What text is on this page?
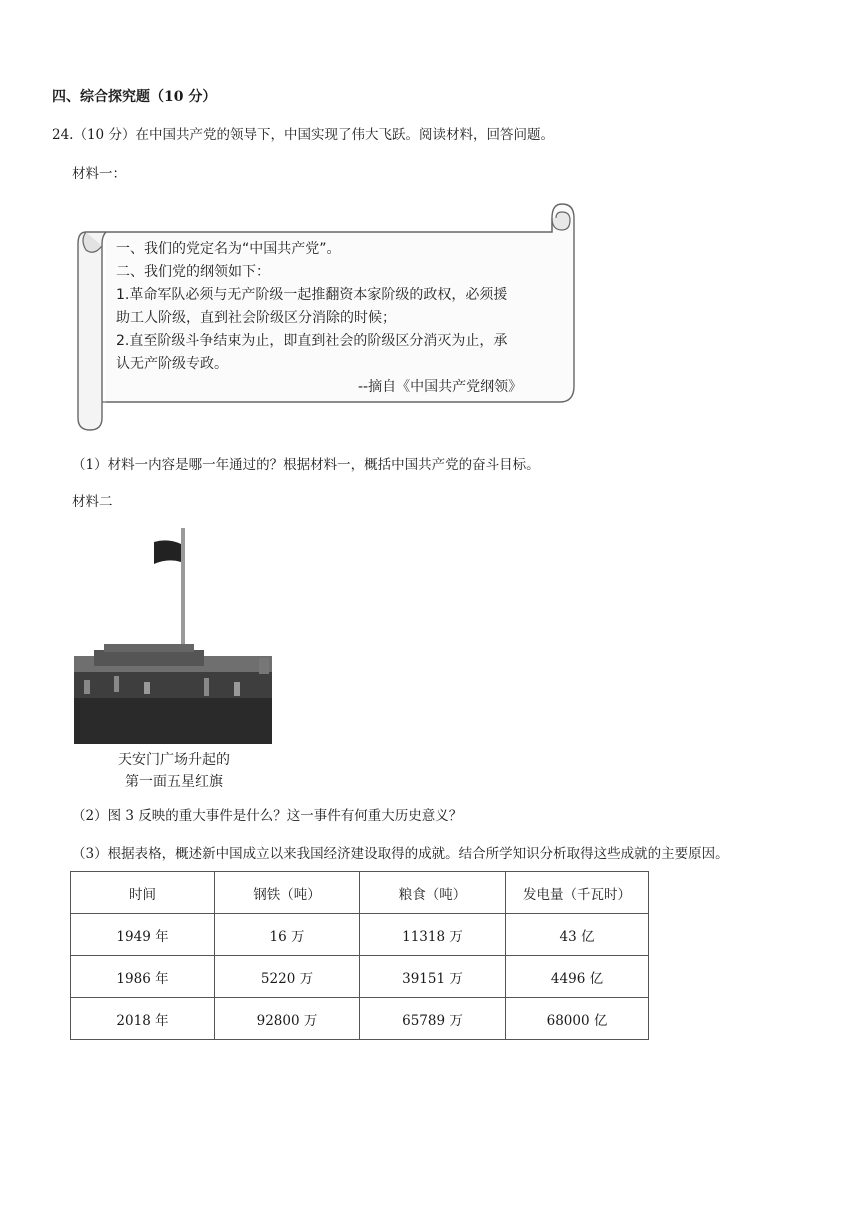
四、综合探究题（10 分）
24.（10 分）在中国共产党的领导下，中国实现了伟大飞跃。阅读材料，回答问题。
材料一：
一、我们的党定名为“中国共产党”。
二、我们党的纲领如下：
1.革命军队必须与无产阶级一起推翻资本家阶级的政权，必须援
助工人阶级，直到社会阶级区分消除的时候；
2.直至阶级斗争结束为止，即直到社会的阶级区分消灭为止，承
认无产阶级专政。
--摘自《中国共产党纲领》
（1）材料一内容是哪一年通过的？根据材料一，概括中国共产党的奋斗目标。
材料二
天安门广场升起的
第一面五星红旗
（2）图 3 反映的重大事件是什么？这一事件有何重大历史意义？
（3）根据表格，概述新中国成立以来我国经济建设取得的成就。结合所学知识分析取得这些成就的主要原因。
时间	钢铁（吨）	粮食（吨）	发电量（千瓦时）
1949 年	16 万	11318 万	43 亿
1986 年	5220 万	39151 万	4496 亿
2018 年	92800 万	65789 万	68000 亿
